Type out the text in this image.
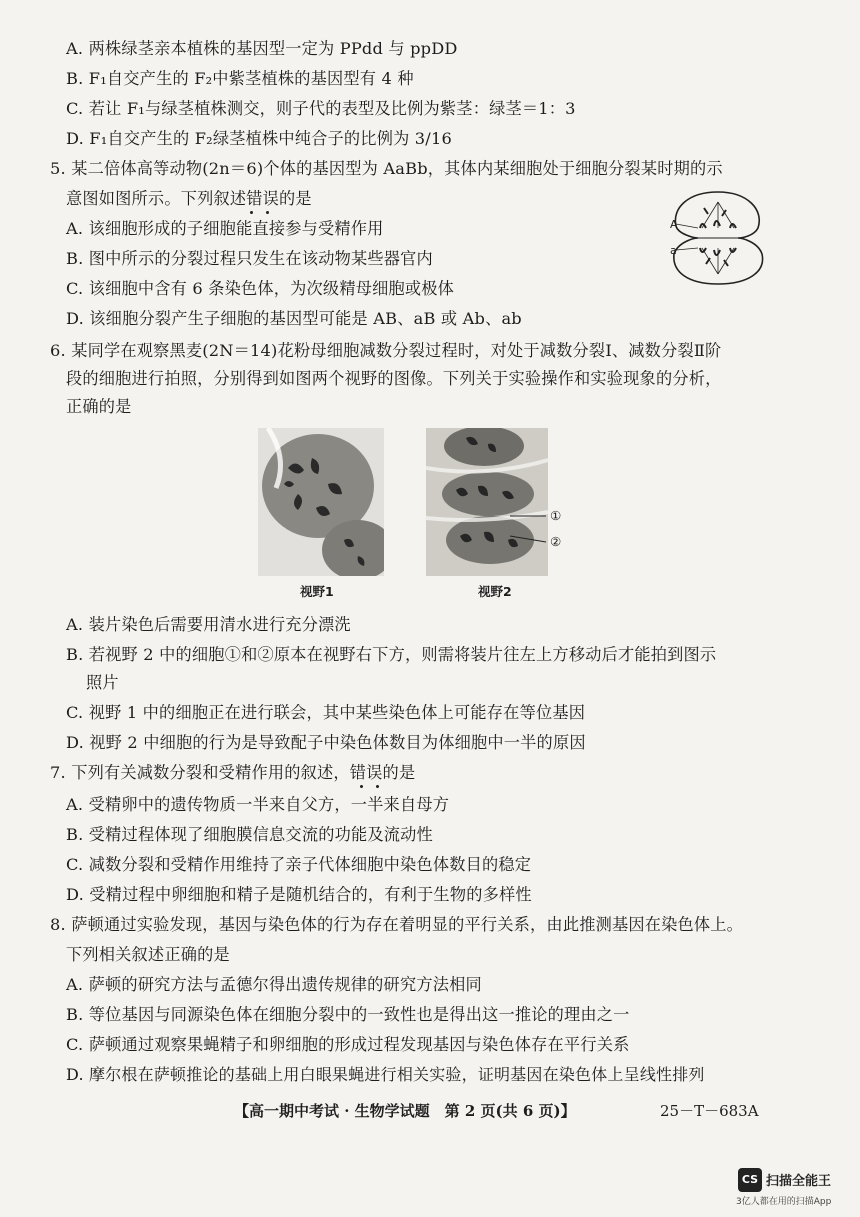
A. 两株绿茎亲本植株的基因型一定为 PPdd 与 ppDD
B. F₁自交产生的 F₂中紫茎植株的基因型有 4 种
C. 若让 F₁与绿茎植株测交，则子代的表型及比例为紫茎：绿茎＝1：3
D. F₁自交产生的 F₂绿茎植株中纯合子的比例为 3/16
5. 某二倍体高等动物(2n＝6)个体的基因型为 AaBb，其体内某细胞处于细胞分裂某时期的示
意图如图所示。下列叙述错误的是
A. 该细胞形成的子细胞能直接参与受精作用
B. 图中所示的分裂过程只发生在该动物某些器官内
C. 该细胞中含有 6 条染色体，为次级精母细胞或极体
D. 该细胞分裂产生子细胞的基因型可能是 AB、aB 或 Ab、ab
A
a
6. 某同学在观察黑麦(2N＝14)花粉母细胞减数分裂过程时，对处于减数分裂Ⅰ、减数分裂Ⅱ阶
段的细胞进行拍照，分别得到如图两个视野的图像。下列关于实验操作和实验现象的分析，
正确的是
视野1
①
②
视野2
A. 装片染色后需要用清水进行充分漂洗
B. 若视野 2 中的细胞①和②原本在视野右下方，则需将装片往左上方移动后才能拍到图示
照片
C. 视野 1 中的细胞正在进行联会，其中某些染色体上可能存在等位基因
D. 视野 2 中细胞的行为是导致配子中染色体数目为体细胞中一半的原因
7. 下列有关减数分裂和受精作用的叙述，错误的是
A. 受精卵中的遗传物质一半来自父方，一半来自母方
B. 受精过程体现了细胞膜信息交流的功能及流动性
C. 减数分裂和受精作用维持了亲子代体细胞中染色体数目的稳定
D. 受精过程中卵细胞和精子是随机结合的，有利于生物的多样性
8. 萨顿通过实验发现，基因与染色体的行为存在着明显的平行关系，由此推测基因在染色体上。
下列相关叙述正确的是
A. 萨顿的研究方法与孟德尔得出遗传规律的研究方法相同
B. 等位基因与同源染色体在细胞分裂中的一致性也是得出这一推论的理由之一
C. 萨顿通过观察果蝇精子和卵细胞的形成过程发现基因与染色体存在平行关系
【高一期中考试 · 生物学试题　第 2 页(共 6 页)】	25－T－683A
CS 扫描全能王
3亿人都在用的扫描App
D. 摩尔根在萨顿推论的基础上用白眼果蝇进行相关实验，证明基因在染色体上呈线性排列
